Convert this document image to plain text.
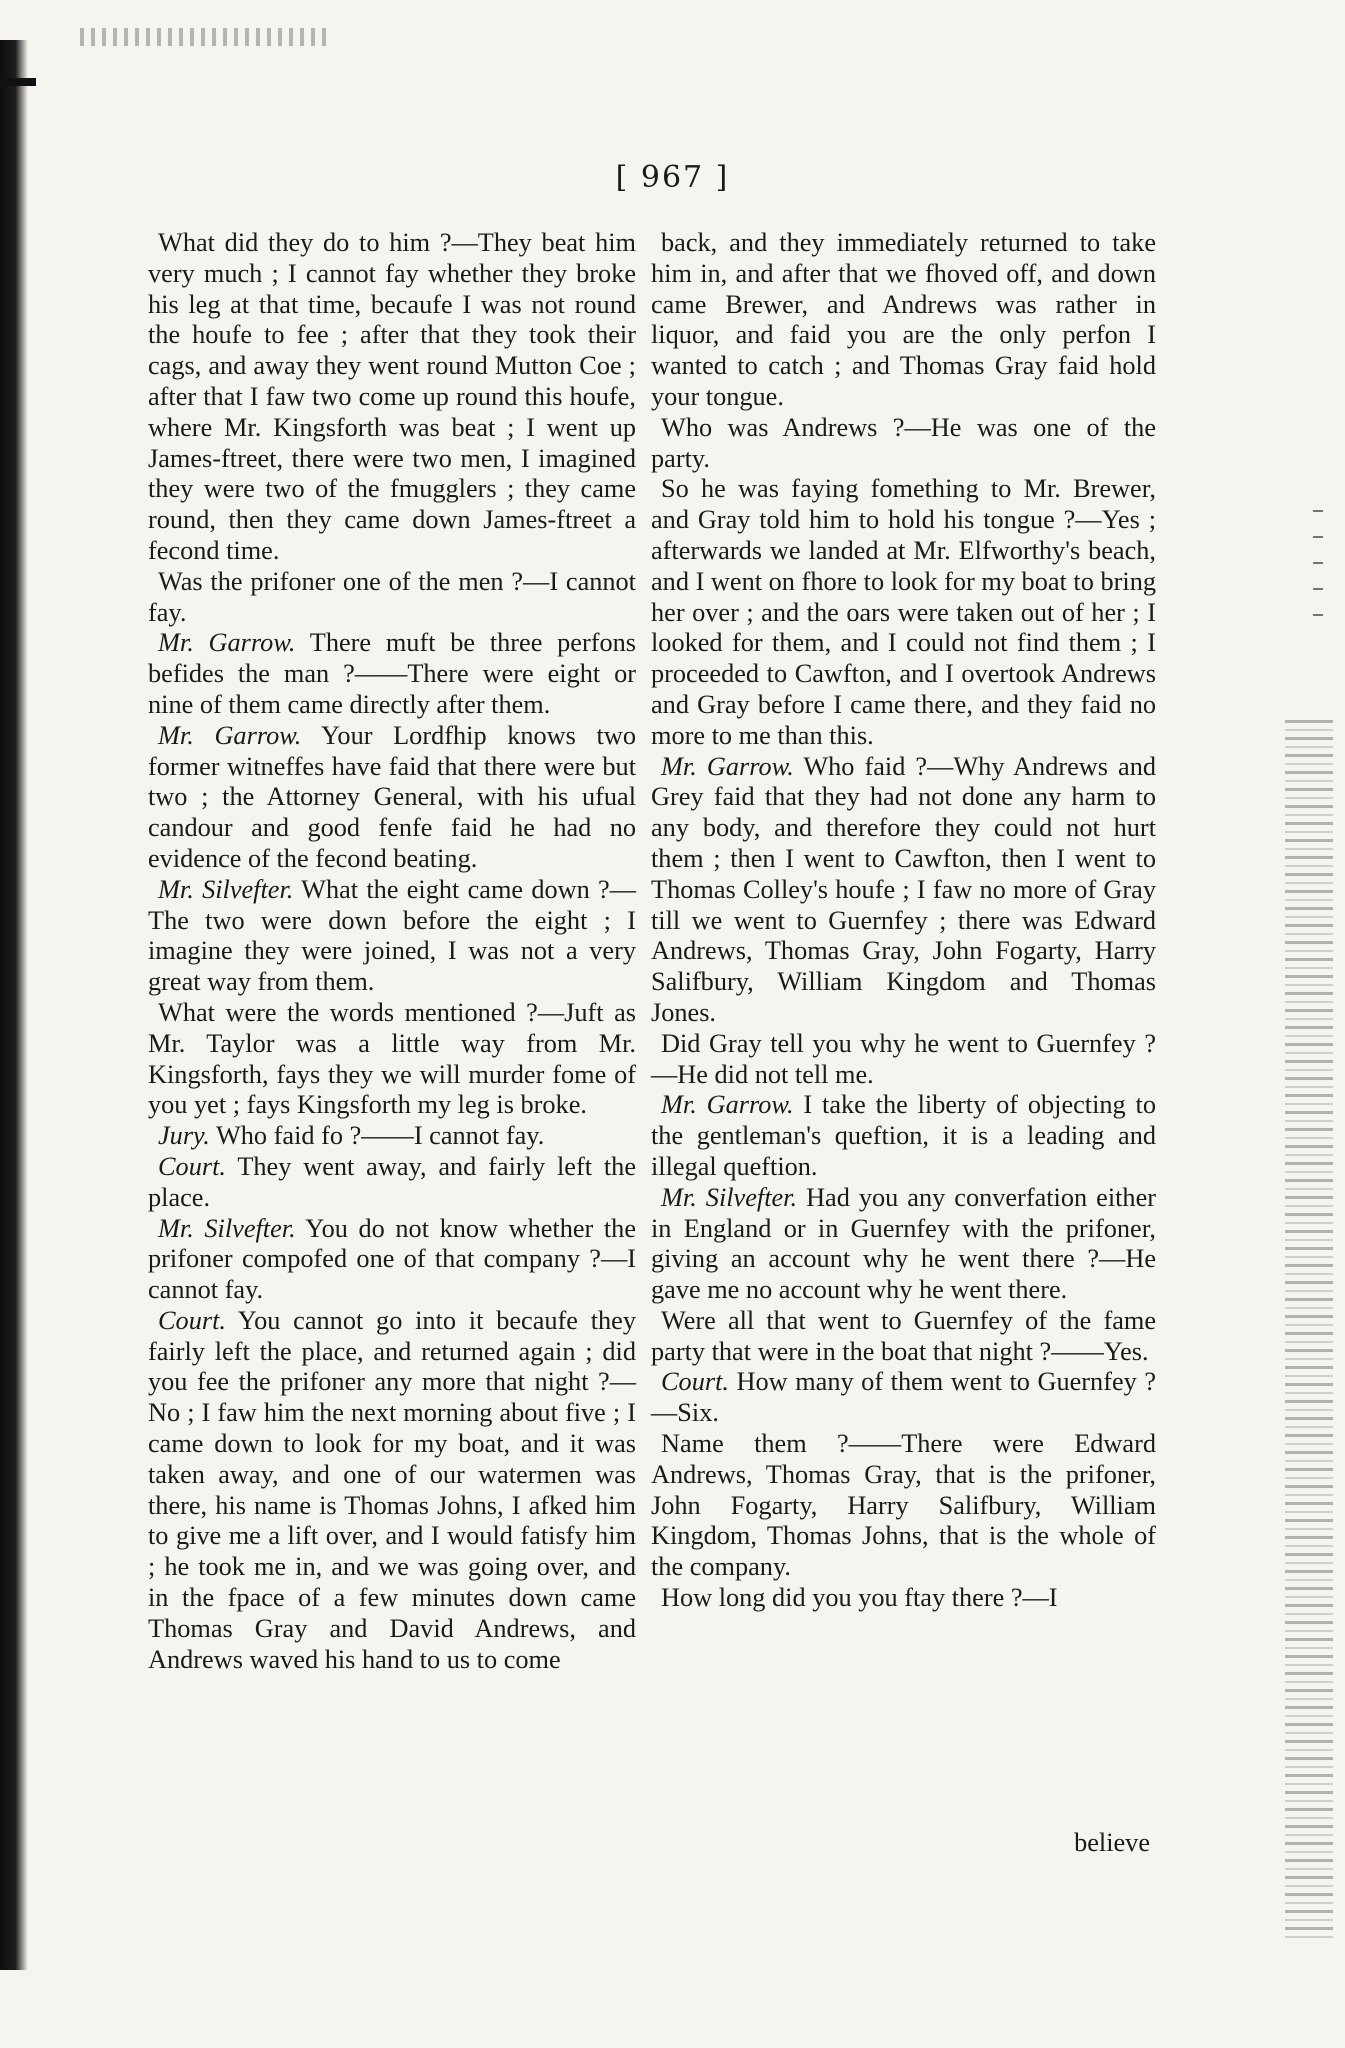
[ 967 ]

What did they do to him ?—They beat him very much ; I cannot fay whether they broke his leg at that time, becaufe I was not round the houfe to fee ; after that they took their cags, and away they went round Mutton Coe ; after that I faw two come up round this houfe, where Mr. Kingsforth was beat ; I went up James-ftreet, there were two men, I imagined they were two of the fmugglers ; they came round, then they came down James-ftreet a fecond time.

Was the prifoner one of the men ?—I cannot fay.

Mr. Garrow. There muft be three perfons befides the man ?——There were eight or nine of them came directly after them.

Mr. Garrow. Your Lordfhip knows two former witneffes have faid that there were but two ; the Attorney General, with his ufual candour and good fenfe faid he had no evidence of the fecond beating.

Mr. Silvefter. What the eight came down ?—The two were down before the eight ; I imagine they were joined, I was not a very great way from them.

What were the words mentioned ?—Juft as Mr. Taylor was a little way from Mr. Kingsforth, fays they we will murder fome of you yet ; fays Kingsforth my leg is broke.

Jury. Who faid fo ?——I cannot fay.

Court. They went away, and fairly left the place.

Mr. Silvefter. You do not know whether the prifoner compofed one of that company ?—I cannot fay.

Court. You cannot go into it becaufe they fairly left the place, and returned again ; did you fee the prifoner any more that night ?—No ; I faw him the next morning about five ; I came down to look for my boat, and it was taken away, and one of our watermen was there, his name is Thomas Johns, I afked him to give me a lift over, and I would fatisfy him ; he took me in, and we was going over, and in the fpace of a few minutes down came Thomas Gray and David Andrews, and Andrews waved his hand to us to come

back, and they immediately returned to take him in, and after that we fhoved off, and down came Brewer, and Andrews was rather in liquor, and faid you are the only perfon I wanted to catch ; and Thomas Gray faid hold your tongue.

Who was Andrews ?—He was one of the party.

So he was faying fomething to Mr. Brewer, and Gray told him to hold his tongue ?—Yes ; afterwards we landed at Mr. Elfworthy's beach, and I went on fhore to look for my boat to bring her over ; and the oars were taken out of her ; I looked for them, and I could not find them ; I proceeded to Cawfton, and I overtook Andrews and Gray before I came there, and they faid no more to me than this.

Mr. Garrow. Who faid ?—Why Andrews and Grey faid that they had not done any harm to any body, and therefore they could not hurt them ; then I went to Cawfton, then I went to Thomas Colley's houfe ; I faw no more of Gray till we went to Guernfey ; there was Edward Andrews, Thomas Gray, John Fogarty, Harry Salifbury, William Kingdom and Thomas Jones.

Did Gray tell you why he went to Guernfey ?—He did not tell me.

Mr. Garrow. I take the liberty of objecting to the gentleman's queftion, it is a leading and illegal queftion.

Mr. Silvefter. Had you any converfation either in England or in Guernfey with the prifoner, giving an account why he went there ?—He gave me no account why he went there.

Were all that went to Guernfey of the fame party that were in the boat that night ?——Yes.

Court. How many of them went to Guernfey ?—Six.

Name them ?——There were Edward Andrews, Thomas Gray, that is the prifoner, John Fogarty, Harry Salifbury, William Kingdom, Thomas Johns, that is the whole of the company.

How long did you you ftay there ?—I

believe
